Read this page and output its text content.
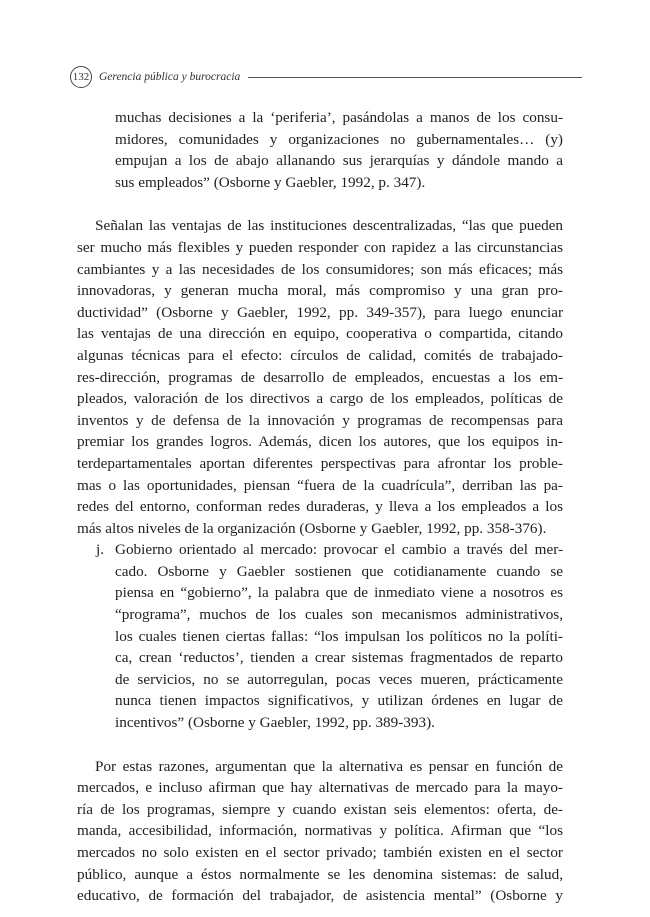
132 Gerencia pública y burocracia
muchas decisiones a la ‘periferia’, pasándolas a manos de los consu-
midores, comunidades y organizaciones no gubernamentales… (y)
empujan a los de abajo allanando sus jerarquías y dándole mando a
sus empleados” (Osborne y Gaebler, 1992, p. 347).
Señalan las ventajas de las instituciones descentralizadas, “las que pueden
ser mucho más flexibles y pueden responder con rapidez a las circunstancias
cambiantes y a las necesidades de los consumidores; son más eficaces; más
innovadoras, y generan mucha moral, más compromiso y una gran pro-
ductividad” (Osborne y Gaebler, 1992, pp. 349-357), para luego enunciar
las ventajas de una dirección en equipo, cooperativa o compartida, citando
algunas técnicas para el efecto: círculos de calidad, comités de trabajado-
res-dirección, programas de desarrollo de empleados, encuestas a los em-
pleados, valoración de los directivos a cargo de los empleados, políticas de
inventos y de defensa de la innovación y programas de recompensas para
premiar los grandes logros. Además, dicen los autores, que los equipos in-
terdepartamentales aportan diferentes perspectivas para afrontar los proble-
mas o las oportunidades, piensan “fuera de la cuadrícula”, derriban las pa-
redes del entorno, conforman redes duraderas, y lleva a los empleados a los
más altos niveles de la organización (Osborne y Gaebler, 1992, pp. 358-376).
j. Gobierno orientado al mercado: provocar el cambio a través del mer-
cado. Osborne y Gaebler sostienen que cotidianamente cuando se
piensa en “gobierno”, la palabra que de inmediato viene a nosotros es
“programa”, muchos de los cuales son mecanismos administrativos,
los cuales tienen ciertas fallas: “los impulsan los políticos no la políti-
ca, crean ‘reductos’, tienden a crear sistemas fragmentados de reparto
de servicios, no se autorregulan, pocas veces mueren, prácticamente
nunca tienen impactos significativos, y utilizan órdenes en lugar de
incentivos” (Osborne y Gaebler, 1992, pp. 389-393).
Por estas razones, argumentan que la alternativa es pensar en función de
mercados, e incluso afirman que hay alternativas de mercado para la mayo-
ría de los programas, siempre y cuando existan seis elementos: oferta, de-
manda, accesibilidad, información, normativas y política. Afirman que “los
mercados no solo existen en el sector privado; también existen en el sector
público, aunque a éstos normalmente se les denomina sistemas: de salud,
educativo, de formación del trabajador, de asistencia mental” (Osborne y
